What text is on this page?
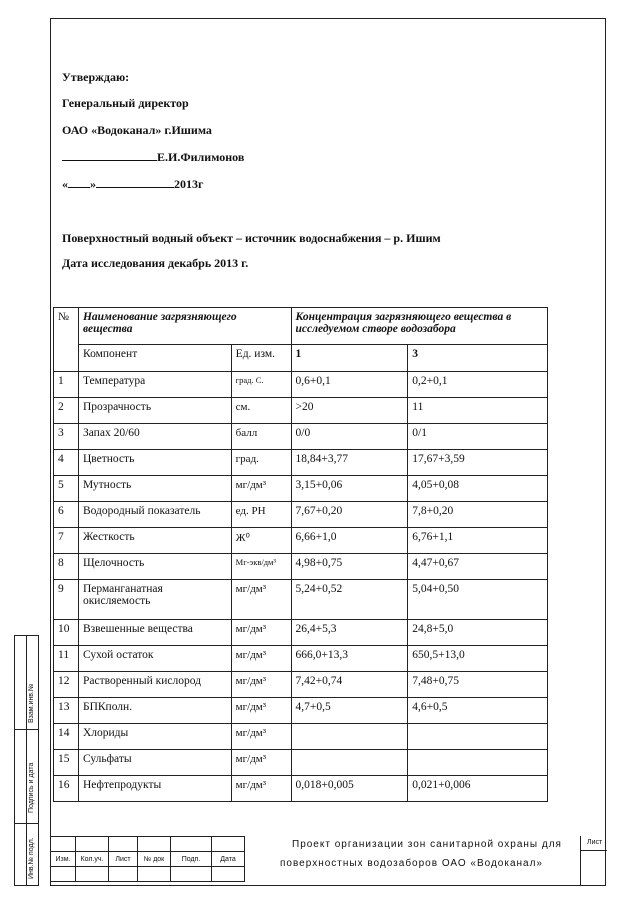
Утверждаю:
Генеральный директор
ОАО «Водоканал» г.Ишима
Е.И.Филимонов
« »	2013г
Поверхностный водный объект – источник водоснабжения – р. Ишим
Дата исследования декабрь 2013 г.
№	Наименование загрязняющего вещества		Концентрация загрязняющего вещества в исследуемом створе водозабора	
	Компонент	Ед. изм.	1	3
1	Температура	град. С.	0,6+0,1	0,2+0,1
2	Прозрачность	см.	>20	11
3	Запах 20/60	балл	0/0	0/1
4	Цветность	град.	18,84+3,77	17,67+3,59
5	Мутность	мг/дм³	3,15+0,06	4,05+0,08
6	Водородный показатель	ед. РН	7,67+0,20	7,8+0,20
7	Жесткость	Ж⁰	6,66+1,0	6,76+1,1
8	Щелочность	Мг-экв/дм³	4,98+0,75	4,47+0,67
9	Перманганатная окисляемость	мг/дм³	5,24+0,52	5,04+0,50
10	Взвешенные вещества	мг/дм³	26,4+5,3	24,8+5,0
11	Сухой остаток	мг/дм³	666,0+13,3	650,5+13,0
12	Растворенный кислород	мг/дм³	7,42+0,74	7,48+0,75
13	БПКполн.	мг/дм³	4,7+0,5	4,6+0,5
14	Хлориды	мг/дм³		
15	Сульфаты	мг/дм³		
16	Нефтепродукты	мг/дм³	0,018+0,005	0,021+0,006
Взам.инв.№
Подпись и дата
Инв.№ подл.
						Изм.	Кол.уч.	Лист	№ док	Подп.	Дата

Проект организации зон санитарной охраны для
поверхностных водозаборов ОАО «Водоканал»
Лист
